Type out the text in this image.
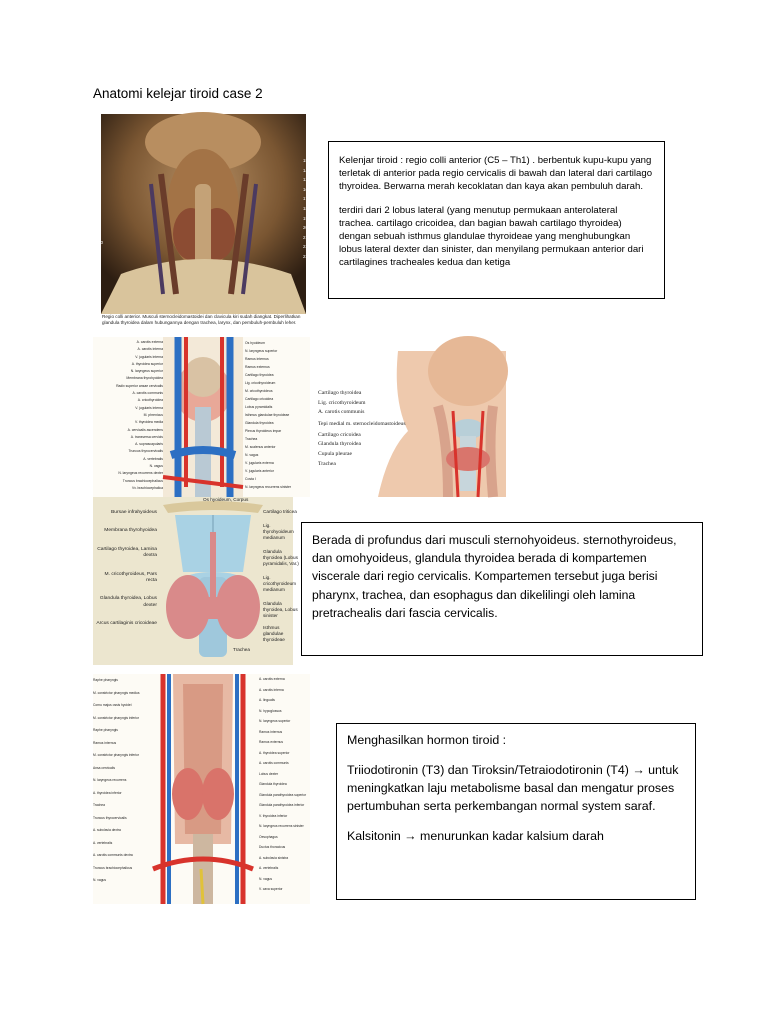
Anatomi kelejar tiroid case 2
1
2
3
4
5
6
7
8
9
10
1
2
15
14
13
16
17
18
19
20
21
22
23
Regio colli anterior. Musculi sternocleidomastoidei dan clavicula kiri sudah diangkat. Diperlihatkan glandula thyroidea dalam hubungannya dengan trachea, larynx, dan pembuluh-pembuluh leher.

Kelenjar tiroid : regio colli anterior (C5 – Th1) . berbentuk kupu-kupu yang terletak di anterior pada regio cervicalis di bawah dan lateral dari cartilago thyroidea. Berwarna merah kecoklatan dan kaya akan pembuluh darah.

terdiri dari 2 lobus lateral (yang menutup permukaan anterolateral trachea. cartilago cricoidea, dan bagian bawah cartilago thyroidea) dengan sebuah isthmus glandulae thyroideae yang menghubungkan lobus lateral dexter dan sinister, dan menyilang permukaan anterior dari cartilagines tracheales kedua dan ketiga

A. carotis externa
A. carotis interna
V. jugularis interna
A. thyroidea superior
N. laryngeus superior
Membrana thyrohyoidea
Radix superior ansae cervicalis
A. carotis communis
A. cricothyroidea
V. jugularis interna
M. phrenicus
V. thyroidea media
A. cervicalis ascendens
A. transversa cervicis
A. suprascapularis
Truncus thyrocervicalis
A. vertebralis
N. vagus
N. laryngeus recurrens dexter
Truncus brachiocephalicus
Vv. brachiocephalica
Os hyoideum
N. laryngeus superior
Ramus internus
Ramus externus
Cartilago thyroidea
Lig. cricothyroideum
M. cricothyroideus
Cartilago cricoidea
Lobus pyramidalis
Isthmus glandulae thyroideae
Glandula thyroidea
Plexus thyroideus impar
Trachea
M. scalenus anterior
N. vagus
V. jugularis externa
V. jugularis anterior
Costa I
N. laryngeus recurrens sinister
Cartilago thyroidea
Lig. cricothyroideum
A. carotis communis
Tepi medial m. sternocleidomastoideus
Cartilago cricoidea
Glandula thyroidea
Cupula pleurae
Trachea
Bursae infrahyoideus
Membrana thyrohyoidea
Cartilago thyroidea, Lamina dextra
M. cricothyroideus, Pars recta
Glandula thyroidea, Lobus dexter
Arcus cartilaginis cricoideae
Os hyoideum, Corpus
Cartilago triticea
Lig. thyrohyoideum medianum
Glandula thyroidea (Lobus pyramidalis, Var.)
Lig. cricothyroideum medianum
Glandula thyroidea, Lobus sinister
Isthmus glandulae thyroideae
Trachea

Berada di profundus dari musculi sternohyoideus. sternothyroideus, dan omohyoideus, glandula thyroidea berada di kompartemen viscerale dari regio cervicalis. Kompartemen tersebut juga berisi pharynx, trachea, dan esophagus dan dikelilingi oleh lamina pretrachealis dari fascia cervicalis.

Raphe pharyngis
M. constrictor pharyngis medius
Cornu majus ossis hyoidei
M. constrictor pharyngis inferior
Raphe pharyngis
Ramus internus
M. constrictor pharyngis inferior
Ansa cervicalis
N. laryngeus recurrens
A. thyroidea inferior
Trachea
Truncus thyrocervicalis
A. subclavia dextra
A. vertebralis
A. carotis communis dextra
Truncus brachiocephalicus
N. vagus
A. carotis externa
A. carotis interna
A. lingualis
N. hypoglossus
N. laryngeus superior
Ramus internus
Ramus externus
A. thyroidea superior
A. carotis communis
Lobus dexter
Glandula thyroidea
Glandula parathyroidea superior
Glandula parathyroidea inferior
V. thyroidea inferior
N. laryngeus recurrens sinister
Oesophagus
Ductus thoracicus
A. subclavia sinistra
A. vertebralis
N. vagus
V. cava superior

Menghasilkan hormon tiroid :

Triiodotironin (T3) dan Tiroksin/Tetraiodotironin (T4) → untuk meningkatkan laju metabolisme basal dan mengatur proses pertumbuhan serta perkembangan normal system saraf.

Kalsitonin → menurunkan kadar kalsium darah
